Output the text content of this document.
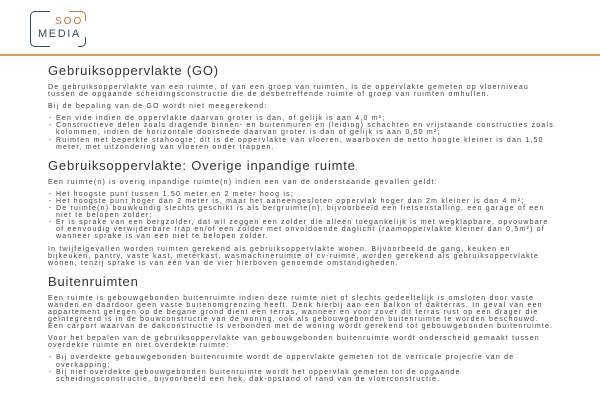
SOO
MEDIA
Gebruiksoppervlakte (GO)

De gebruiksoppervlakte van een ruimte, of van een groep van ruimten, is de oppervlakte gemeten op vloerniveau tussen de opgaande scheidingsconstructie die de desbetreffende ruimte of groep van ruimten omhullen.

Bij de bepaling van de GO wordt niet meegerekend:

- Een vide indien de oppervlakte daarvan groter is dan, of gelijk is aan 4,0 m²;
- Constructieve delen zoals dragende binnen- en buitenmuren en (leiding) schachten en vrijstaande constructies zoals kolommen, indien de horizontale doorsnede daarvan groter is dan of gelijk is aan 0,50 m²;
- Ruimten met beperkte stahoogte; dit is de oppervlakte van vloeren, waarboven de netto hoogte kleiner is dan 1,50 meter, met uitzondering van vloeren onder trappen.
Gebruiksoppervlakte: Overige inpandige ruimte

Een ruimte(n) is overig inpandige ruimte(n) indien een van de onderstaande gevallen geldt:

- Het hoogste punt tussen 1.50 meter en 2 meter hoog is;
- Het hoogste punt hoger dan 2 meter is, maar het aaneengesloten oppervlak hoger dan 2m kleiner is dan 4 m²;
- De ruimte(n) bouwkundig slechts geschikt is als bergruimte(n), bijvoorbeeld een fietsenstalling, een garage of een niet te belopen zolder;
- Er is sprake van een bergzolder, dat wil zeggen een zolder die alleen toegankelijk is met wegklapbare, opvouwbare of eenvoudig verwijderbare trap en/of een zolder met onvoldoende daglicht (raamoppervlakte kleiner dan 0,5m²) of wanneer sprake is van een niet te belopen zolder.

In twijfelgevallen worden ruimten gerekend als gebruiksoppervlakte wonen. Bijvoorbeeld de gang, keuken en bijkeuken, pantry, vaste kast, meterkast, wasmachineruimte of cv-ruimte, worden gerekend als gebruiksoppervlakte wonen, tenzij sprake is van één van de vier hierboven genoemde omstandigheden.

Buitenruimten

Een ruimte is gebouwgebonden buitenruimte indien deze ruimte niet of slechts gedeeltelijk is omsloten door vaste wanden en daardoor geen vaste buitenomgrenzing heeft. Denk hierbij aan een balkon of dakterras. In geval van een appartement gelegen op de begane grond dient een terras, wanneer en voor zover dit terras rust op een drager die geïntegreerd is in de bouwconstructie van de woning, ook als gebouwgebonden buitenruimte te worden beschouwd. Een carport waarvan de dakconstructie is verbonden met de woning wordt gerekend tot gebouwgebonden buitenruimte.

Voor het bepalen van de gebruiksoppervlakte van gebouwgebonden buitenruimte wordt onderscheid gemaakt tussen overdekte ruimte en niet overdekte ruimte:

- Bij overdekte gebouwgebonden buitenruimte wordt de oppervlakte gemeten tot de verticale projectie van de overkapping;
- Bij niet overdekte gebouwgebonden buitenruimte wordt het oppervlak gemeten tot de opgaande scheidingsconstructie, bijvoorbeeld een hek, dak-opstand of rand van de vloerconstructie.
